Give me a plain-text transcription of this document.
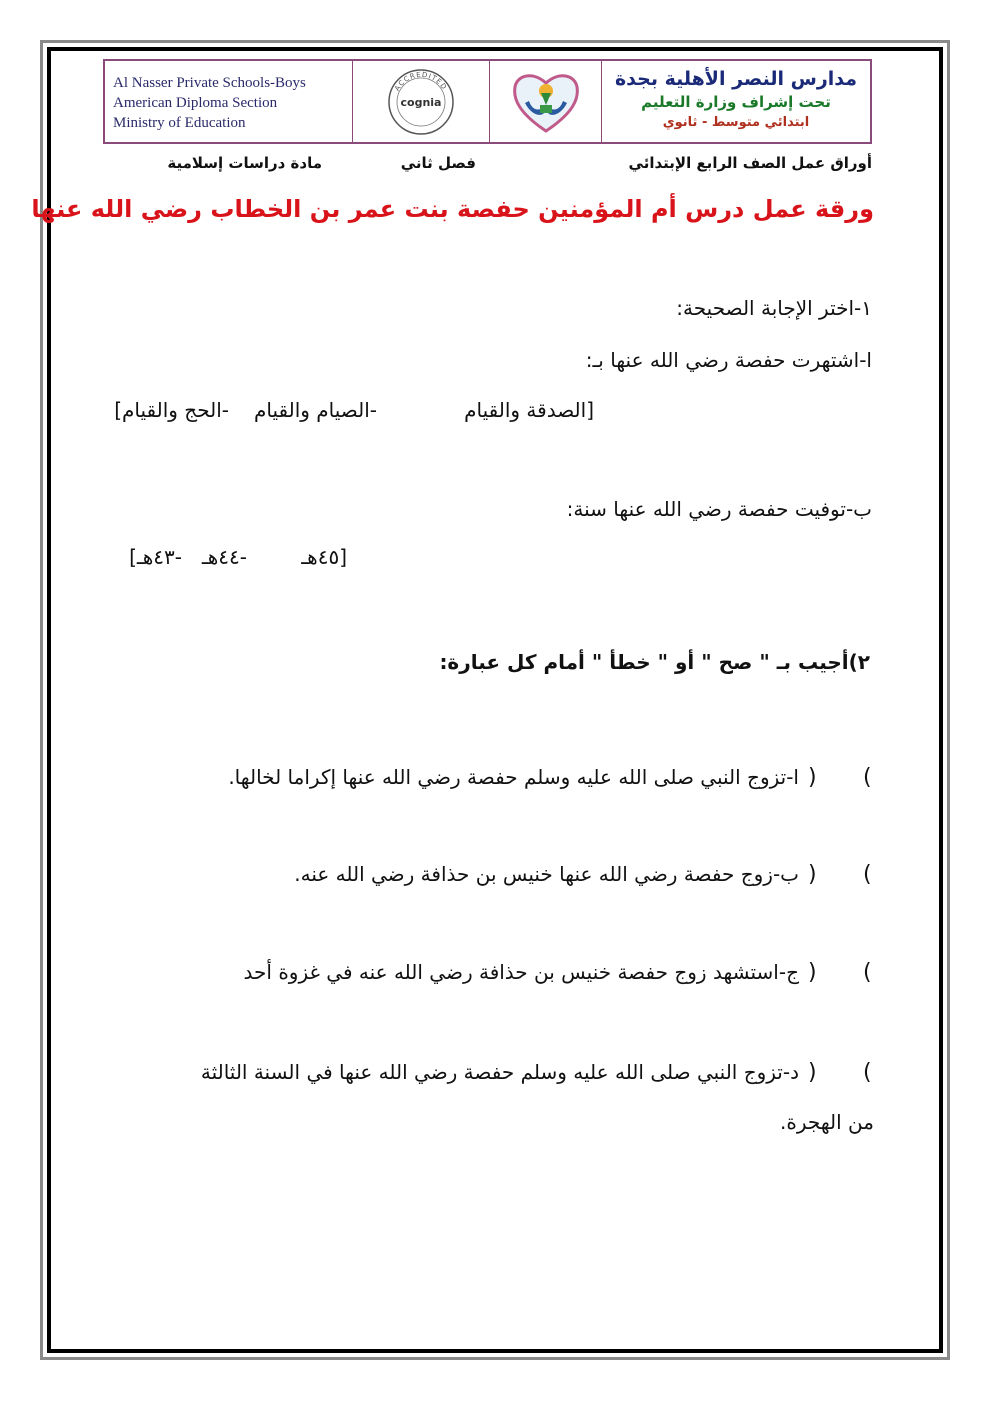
Al Nasser Private Schools-Boys
American Diploma Section
Ministry of Education
ACCREDITED
cognia
مدارس النصر الأهلية بجدة
تحت إشراف وزارة التعليم
ابتدائي متوسط - ثانوي
أوراق عمل الصف الرابع الإبتدائي
فصل ثاني
مادة دراسات إسلامية
ورقة عمل درس أم المؤمنين حفصة بنت عمر بن الخطاب رضي الله عنها
١-اختر الإجابة الصحيحة:
ا-اشتهرت حفصة رضي الله عنها بـ:
[الصدقة والقيام
-الصيام والقيام
-الحج والقيام]
ب-توفيت حفصة رضي الله عنها سنة:
[٤٥هـ
-٤٤هـ
-٤٣هـ]
٢)أجيب بـ " صح " أو " خطأ " أمام كل عبارة:
(
)
ا-تزوج النبي صلى الله عليه وسلم حفصة رضي الله عنها إكراما لخالها.
(
)
ب-زوج حفصة رضي الله عنها خنيس بن حذافة رضي الله عنه.
(
)
ج-استشهد زوج حفصة خنيس بن حذافة رضي الله عنه في غزوة أحد
(
)
د-تزوج النبي صلى الله عليه وسلم حفصة رضي الله عنها في السنة الثالثة
من الهجرة.
